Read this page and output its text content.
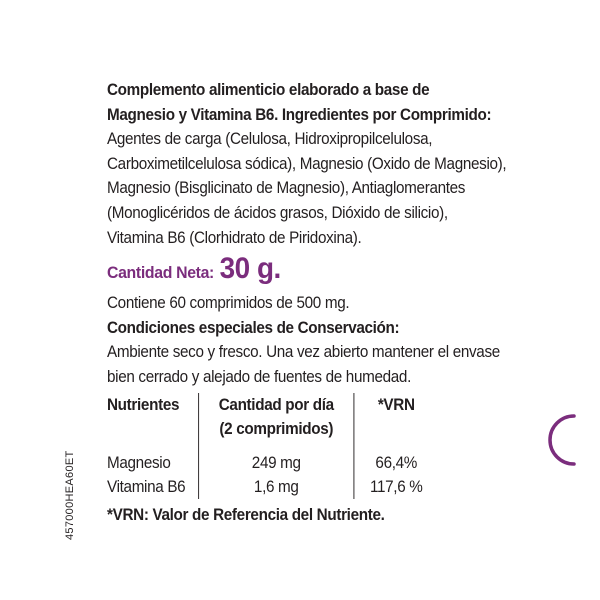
Complemento alimenticio elaborado a base de

Magnesio y Vitamina B6. Ingredientes por Comprimido:

Agentes de carga (Celulosa, Hidroxipropilcelulosa,

Carboximetilcelulosa sódica), Magnesio (Oxido de Magnesio),

Magnesio (Bisglicinato de Magnesio), Antiaglomerantes

(Monoglicéridos de ácidos grasos, Dióxido de silicio),

Vitamina B6 (Clorhidrato de Piridoxina).

Cantidad Neta: 30 g.

Contiene 60 comprimidos de 500 mg.

Condiciones especiales de Conservación:

Ambiente seco y fresco. Una vez abierto mantener el envase

bien cerrado y alejado de fuentes de humedad.

Nutrientes	Cantidad por día	*VRN
	(2 comprimidos)	

Magnesio	249 mg	66,4%
Vitamina B6	1,6 mg	117,6 %

*VRN: Valor de Referencia del Nutriente.

457000HEA60ET
